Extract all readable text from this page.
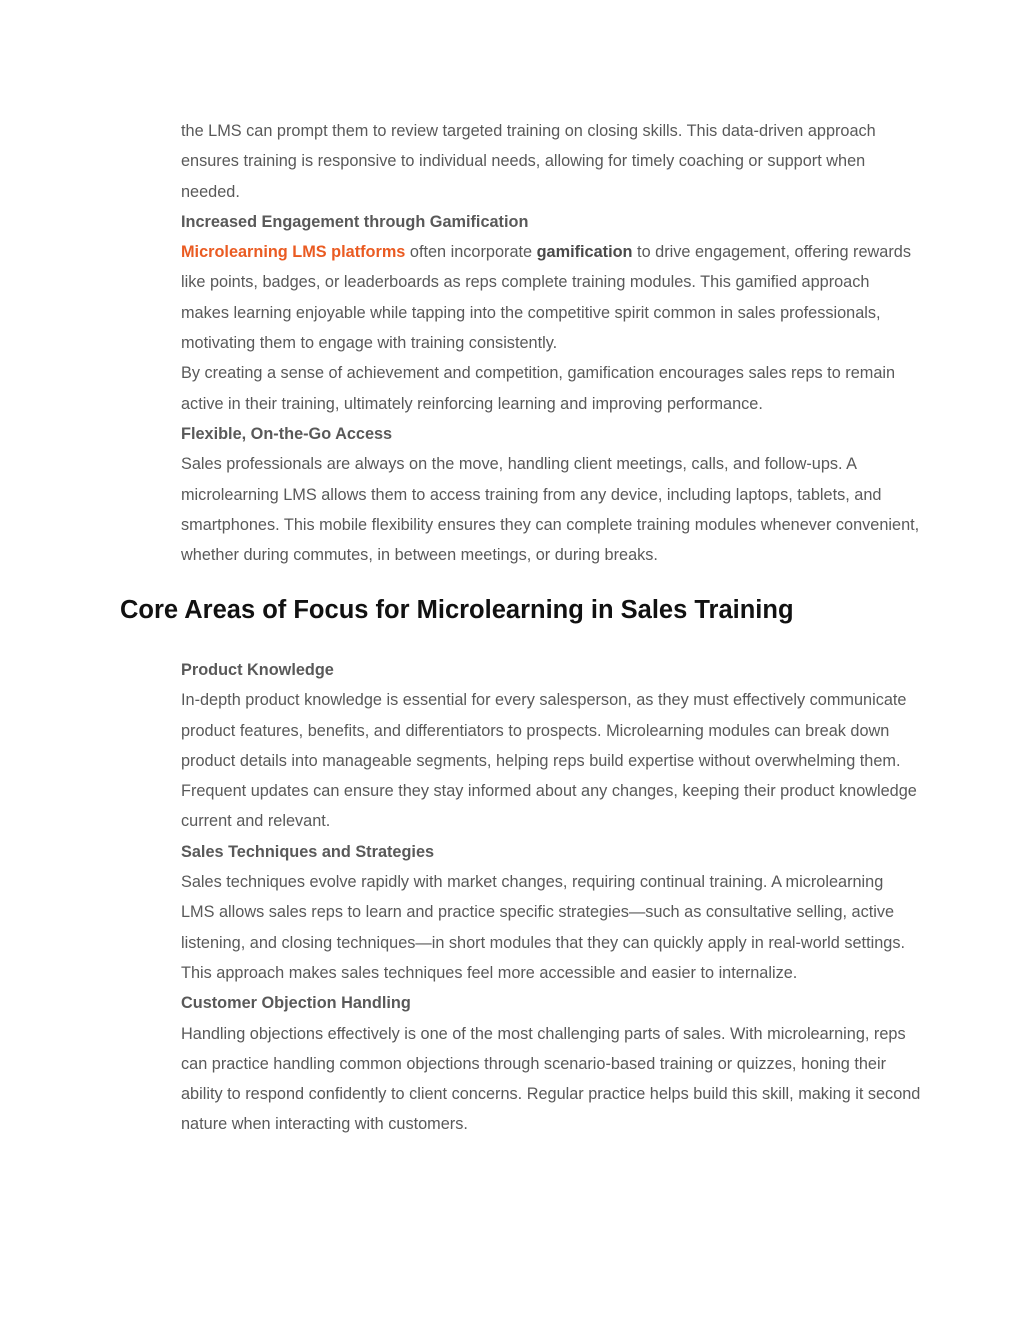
the LMS can prompt them to review targeted training on closing skills. This data-driven approach ensures training is responsive to individual needs, allowing for timely coaching or support when needed.

Increased Engagement through Gamification

Microlearning LMS platforms often incorporate gamification to drive engagement, offering rewards like points, badges, or leaderboards as reps complete training modules. This gamified approach makes learning enjoyable while tapping into the competitive spirit common in sales professionals, motivating them to engage with training consistently.

By creating a sense of achievement and competition, gamification encourages sales reps to remain active in their training, ultimately reinforcing learning and improving performance.

Flexible, On-the-Go Access

Sales professionals are always on the move, handling client meetings, calls, and follow-ups. A microlearning LMS allows them to access training from any device, including laptops, tablets, and smartphones. This mobile flexibility ensures they can complete training modules whenever convenient, whether during commutes, in between meetings, or during breaks.

Core Areas of Focus for Microlearning in Sales Training

Product Knowledge

In-depth product knowledge is essential for every salesperson, as they must effectively communicate product features, benefits, and differentiators to prospects. Microlearning modules can break down product details into manageable segments, helping reps build expertise without overwhelming them. Frequent updates can ensure they stay informed about any changes, keeping their product knowledge current and relevant.

Sales Techniques and Strategies

Sales techniques evolve rapidly with market changes, requiring continual training. A microlearning LMS allows sales reps to learn and practice specific strategies—such as consultative selling, active listening, and closing techniques—in short modules that they can quickly apply in real-world settings. This approach makes sales techniques feel more accessible and easier to internalize.

Customer Objection Handling

Handling objections effectively is one of the most challenging parts of sales. With microlearning, reps can practice handling common objections through scenario-based training or quizzes, honing their ability to respond confidently to client concerns. Regular practice helps build this skill, making it second nature when interacting with customers.
